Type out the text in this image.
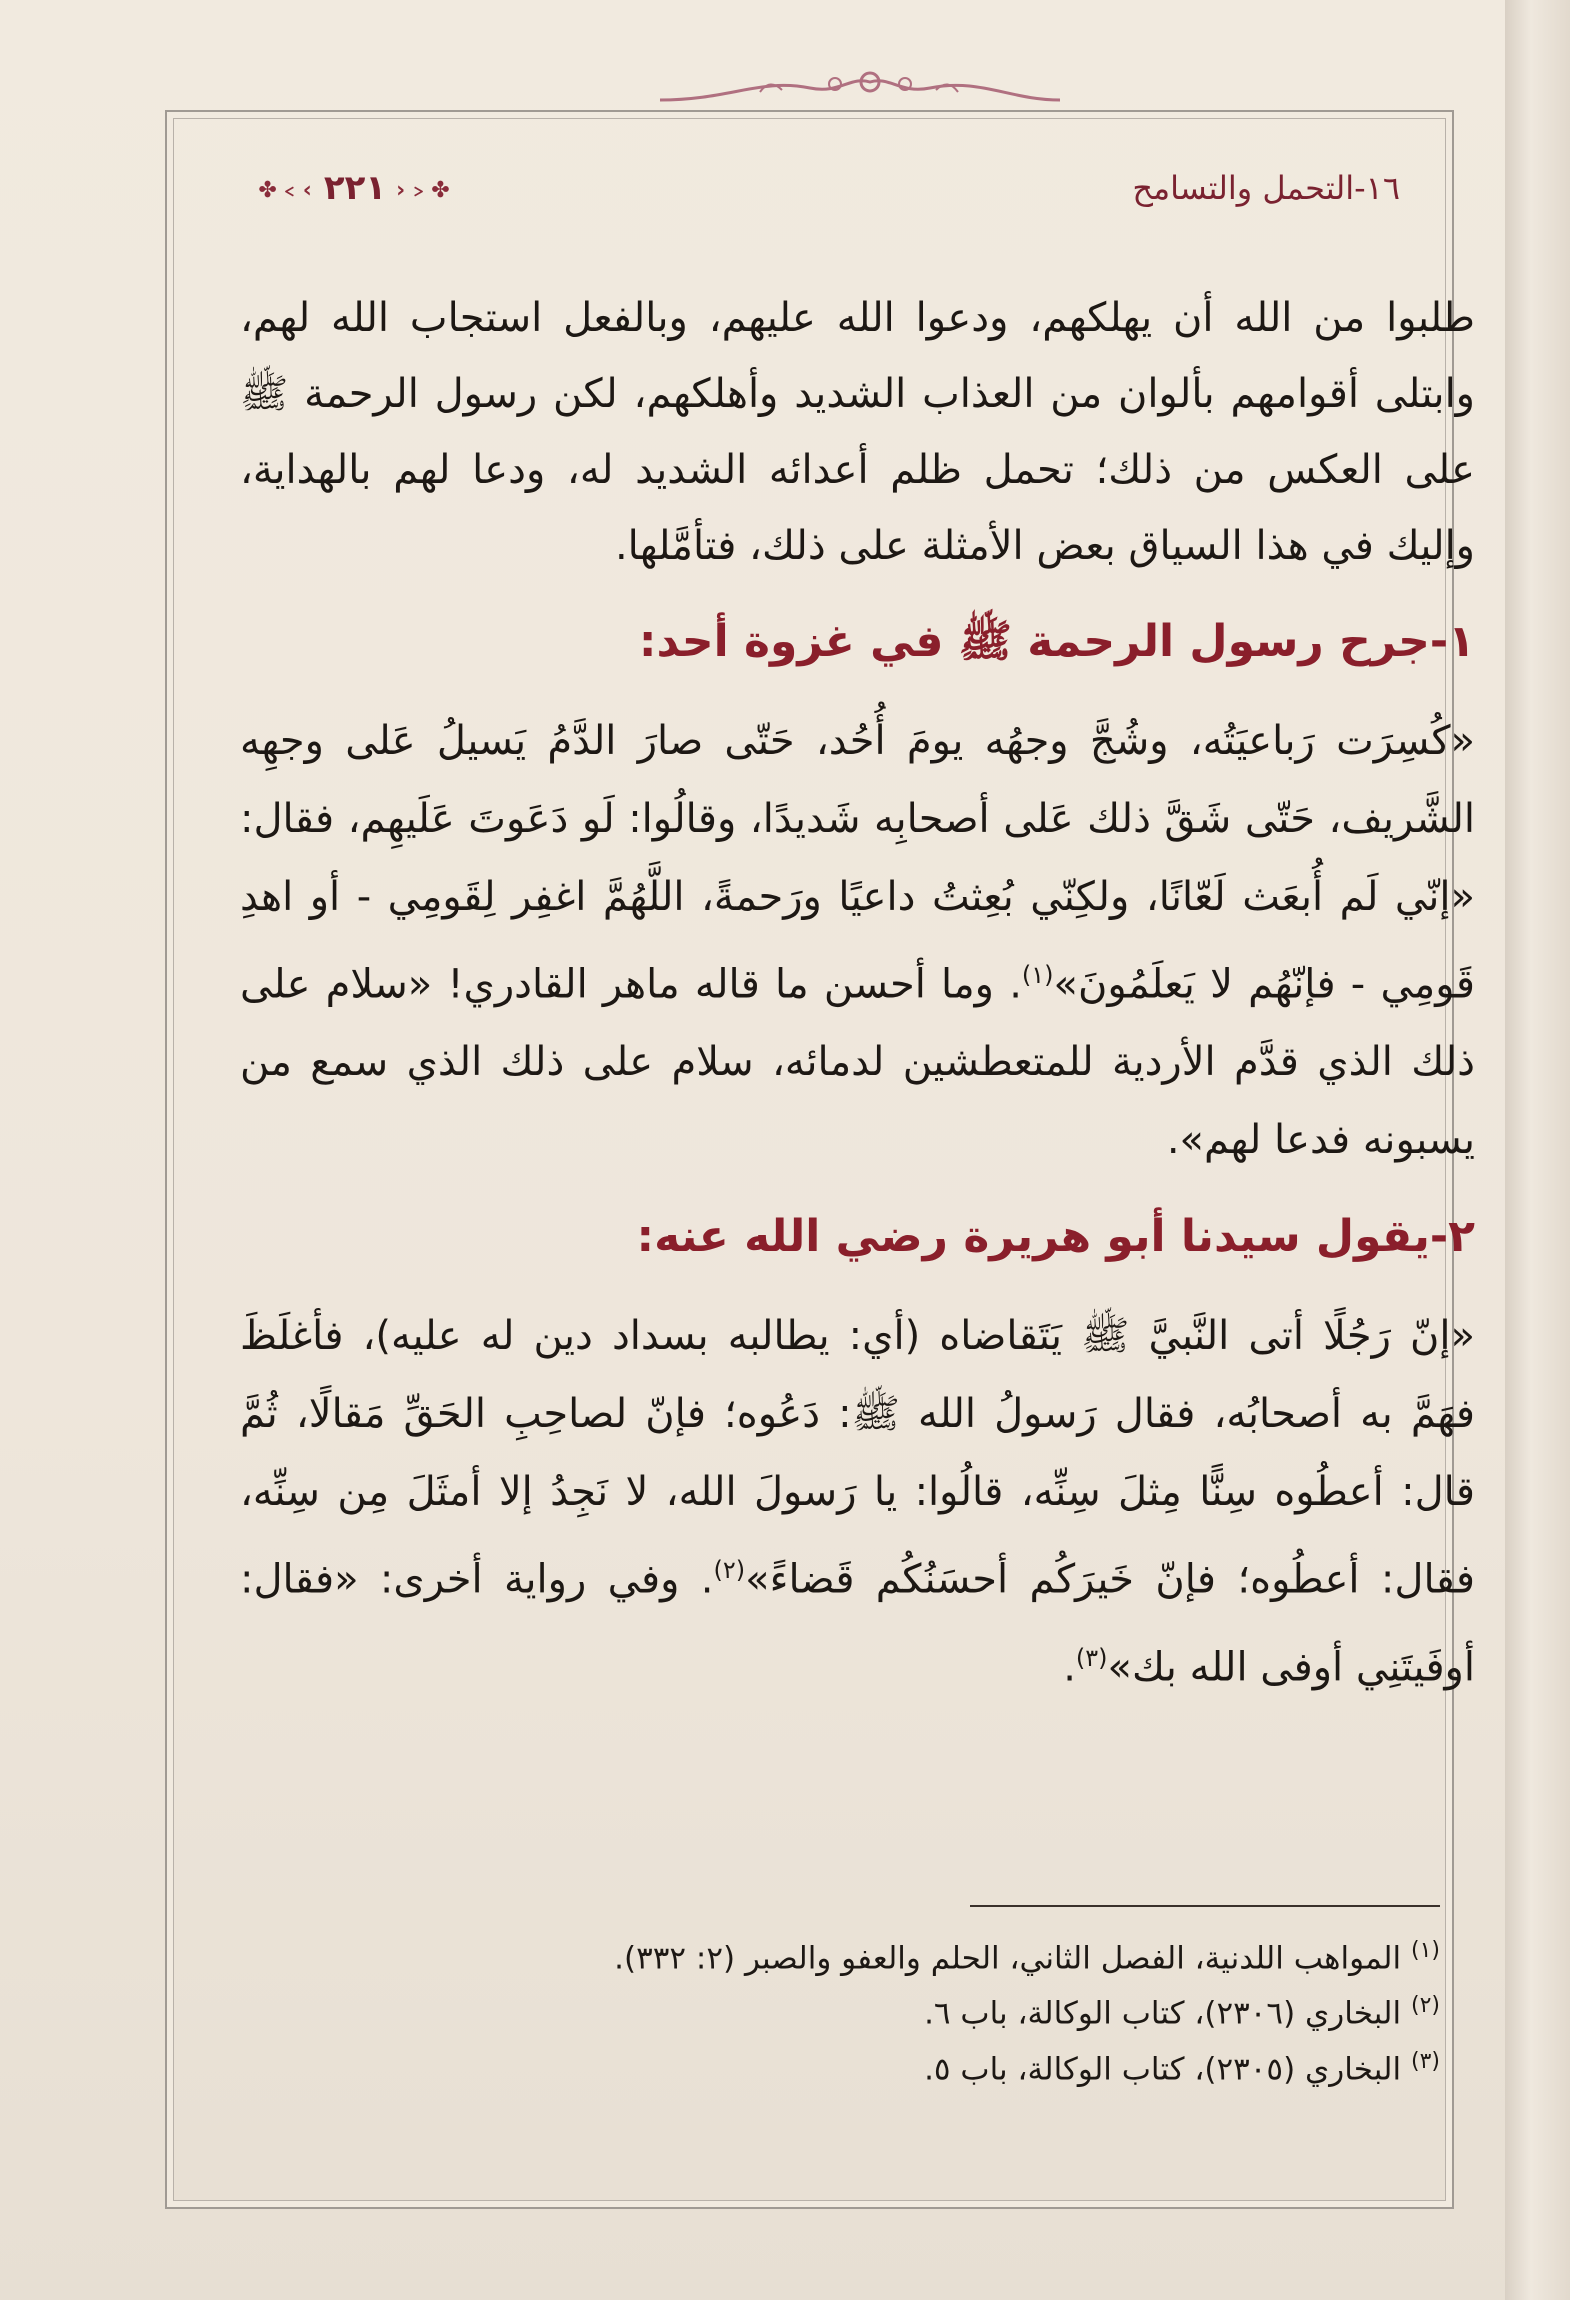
✤﹤‹ ٢٢١ ›﹥✤	١٦-التحمل والتسامح

طلبوا من الله أن يهلكهم، ودعوا الله عليهم، وبالفعل استجاب الله لهم، وابتلى أقوامهم بألوان من العذاب الشديد وأهلكهم، لكن رسول الرحمة ﷺ على العكس من ذلك؛ تحمل ظلم أعدائه الشديد له، ودعا لهم بالهداية، وإليك في هذا السياق بعض الأمثلة على ذلك، فتأمَّلها.

١-جرح رسول الرحمة ﷺ في غزوة أحد:

«كُسِرَت رَباعيَتُه، وشُجَّ وجهُه يومَ أُحُد، حَتّى صارَ الدَّمُ يَسيلُ عَلى وجهِه الشَّريف، حَتّى شَقَّ ذلك عَلى أصحابِه شَديدًا، وقالُوا: لَو دَعَوتَ عَلَيهِم، فقال: «إنّي لَم أُبعَث لَعّانًا، ولكِنّي بُعِثتُ داعيًا ورَحمةً، اللَّهُمَّ اغفِر لِقَومِي - أو اهدِ قَومِي - فإنّهُم لا يَعلَمُونَ»$^{(١)}$. وما أحسن ما قاله ماهر القادري! «سلام على ذلك الذي قدَّم الأردية للمتعطشين لدمائه، سلام على ذلك الذي سمع من يسبونه فدعا لهم».

٢-يقول سيدنا أبو هريرة رضي الله عنه:

«إنّ رَجُلًا أتى النَّبيَّ ﷺ يَتَقاضاه (أي: يطالبه بسداد دين له عليه)، فأغلَظَ فهَمَّ به أصحابُه، فقال رَسولُ الله ﷺ: دَعُوه؛ فإنّ لصاحِبِ الحَقِّ مَقالًا، ثُمَّ قال: أعطُوه سِنًّا مِثلَ سِنِّه، قالُوا: يا رَسولَ الله، لا نَجِدُ إلا أمثَلَ مِن سِنِّه، فقال: أعطُوه؛ فإنّ خَيرَكُم أحسَنُكُم قَضاءً»$^{(٢)}$. وفي رواية أخرى: «فقال: أوفَيتَنِي أوفى الله بك»$^{(٣)}$.

$^{(١)}$ المواهب اللدنية، الفصل الثاني، الحلم والعفو والصبر (٢: ٣٣٢).

$^{(٢)}$ البخاري (٢٣٠٦)، كتاب الوكالة، باب ٦.

$^{(٣)}$ البخاري (٢٣٠٥)، كتاب الوكالة، باب ٥.
